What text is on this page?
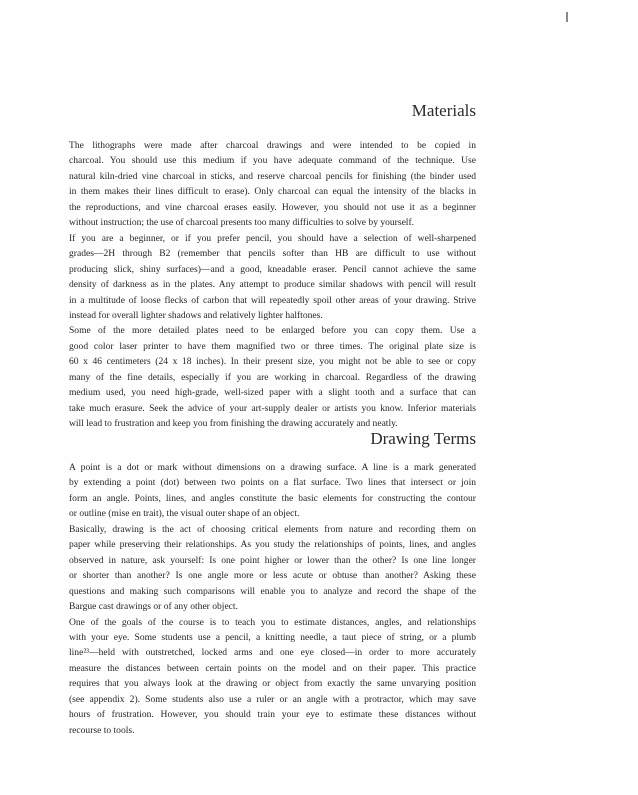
Materials

The lithographs were made after charcoal drawings and were intended to be copied in
charcoal. You should use this medium if you have adequate command of the technique. Use
natural kiln-dried vine charcoal in sticks, and reserve charcoal pencils for finishing (the binder used
in them makes their lines difficult to erase). Only charcoal can equal the intensity of the blacks in
the reproductions, and vine charcoal erases easily. However, you should not use it as a beginner
without instruction; the use of charcoal presents too many difficulties to solve by yourself.

If you are a beginner, or if you prefer pencil, you should have a selection of well-sharpened
grades—2H through B2 (remember that pencils softer than HB are difficult to use without
producing slick, shiny surfaces)—and a good, kneadable eraser. Pencil cannot achieve the same
density of darkness as in the plates. Any attempt to produce similar shadows with pencil will result
in a multitude of loose flecks of carbon that will repeatedly spoil other areas of your drawing. Strive
instead for overall lighter shadows and relatively lighter halftones.

Some of the more detailed plates need to be enlarged before you can copy them. Use a
good color laser printer to have them magnified two or three times. The original plate size is
60 x 46 centimeters (24 x 18 inches). In their present size, you might not be able to see or copy
many of the fine details, especially if you are working in charcoal. Regardless of the drawing
medium used, you need high-grade, well-sized paper with a slight tooth and a surface that can
take much erasure. Seek the advice of your art-supply dealer or artists you know. Inferior materials
will lead to frustration and keep you from finishing the drawing accurately and neatly.

Drawing Terms

A point is a dot or mark without dimensions on a drawing surface. A line is a mark generated
by extending a point (dot) between two points on a flat surface. Two lines that intersect or join
form an angle. Points, lines, and angles constitute the basic elements for constructing the contour
or outline (mise en trait), the visual outer shape of an object.

Basically, drawing is the act of choosing critical elements from nature and recording them on
paper while preserving their relationships. As you study the relationships of points, lines, and angles
observed in nature, ask yourself: Is one point higher or lower than the other? Is one line longer
or shorter than another? Is one angle more or less acute or obtuse than another? Asking these
questions and making such comparisons will enable you to analyze and record the shape of the
Bargue cast drawings or of any other object.

One of the goals of the course is to teach you to estimate distances, angles, and relationships
with your eye. Some students use a pencil, a knitting needle, a taut piece of string, or a plumb
line²³—held with outstretched, locked arms and one eye closed—in order to more accurately
measure the distances between certain points on the model and on their paper. This practice
requires that you always look at the drawing or object from exactly the same unvarying position
(see appendix 2). Some students also use a ruler or an angle with a protractor, which may save
hours of frustration. However, you should train your eye to estimate these distances without
recourse to tools.
